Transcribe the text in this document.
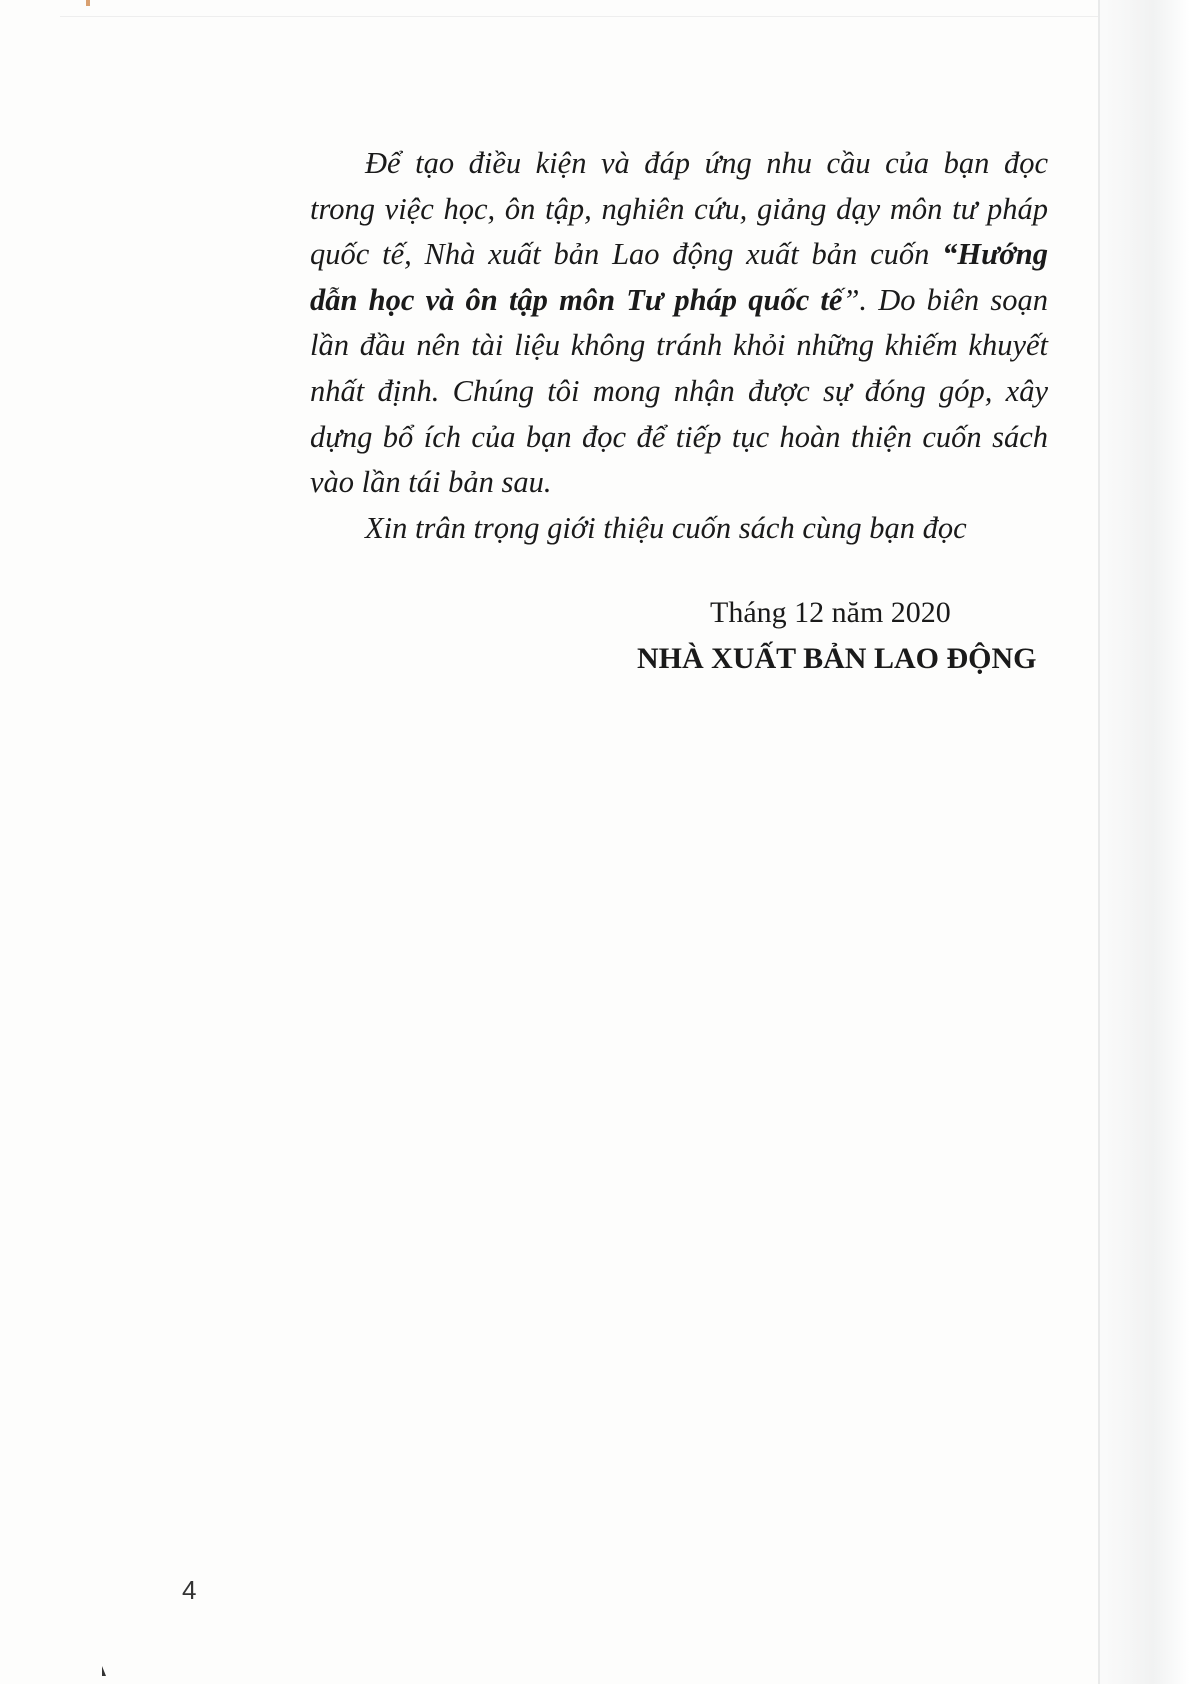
Để tạo điều kiện và đáp ứng nhu cầu của bạn đọc
trong việc học, ôn tập, nghiên cứu, giảng dạy môn tư pháp
quốc tế, Nhà xuất bản Lao động xuất bản cuốn “Hướng
dẫn học và ôn tập môn Tư pháp quốc tế”. Do biên soạn
lần đầu nên tài liệu không tránh khỏi những khiếm khuyết
nhất định. Chúng tôi mong nhận được sự đóng góp, xây
dựng bổ ích của bạn đọc để tiếp tục hoàn thiện cuốn sách
vào lần tái bản sau.
Xin trân trọng giới thiệu cuốn sách cùng bạn đọc
Tháng 12 năm 2020
NHÀ XUẤT BẢN LAO ĐỘNG
4
